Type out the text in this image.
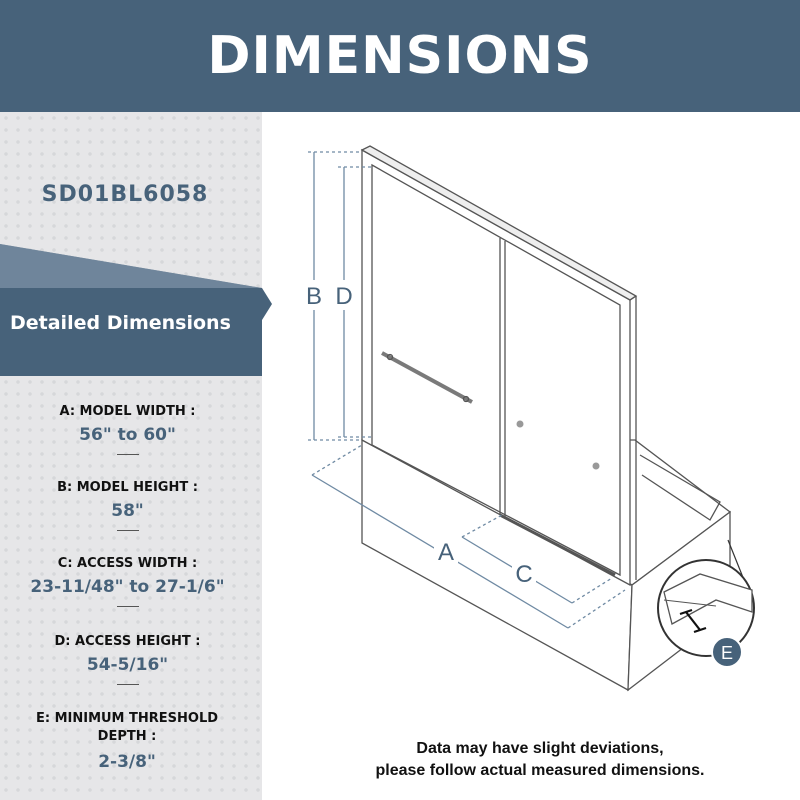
DIMENSIONS
SD01BL6058
Detailed Dimensions
A: MODEL WIDTH :
56" to 60"
B: MODEL HEIGHT :
58"
C: ACCESS WIDTH :
23-11/48" to 27-1/6"
D: ACCESS HEIGHT :
54-5/16"
E: MINIMUM THRESHOLD DEPTH :
2-3/8"
B D
A
C
E
Data may have slight deviations,
please follow actual measured dimensions.
